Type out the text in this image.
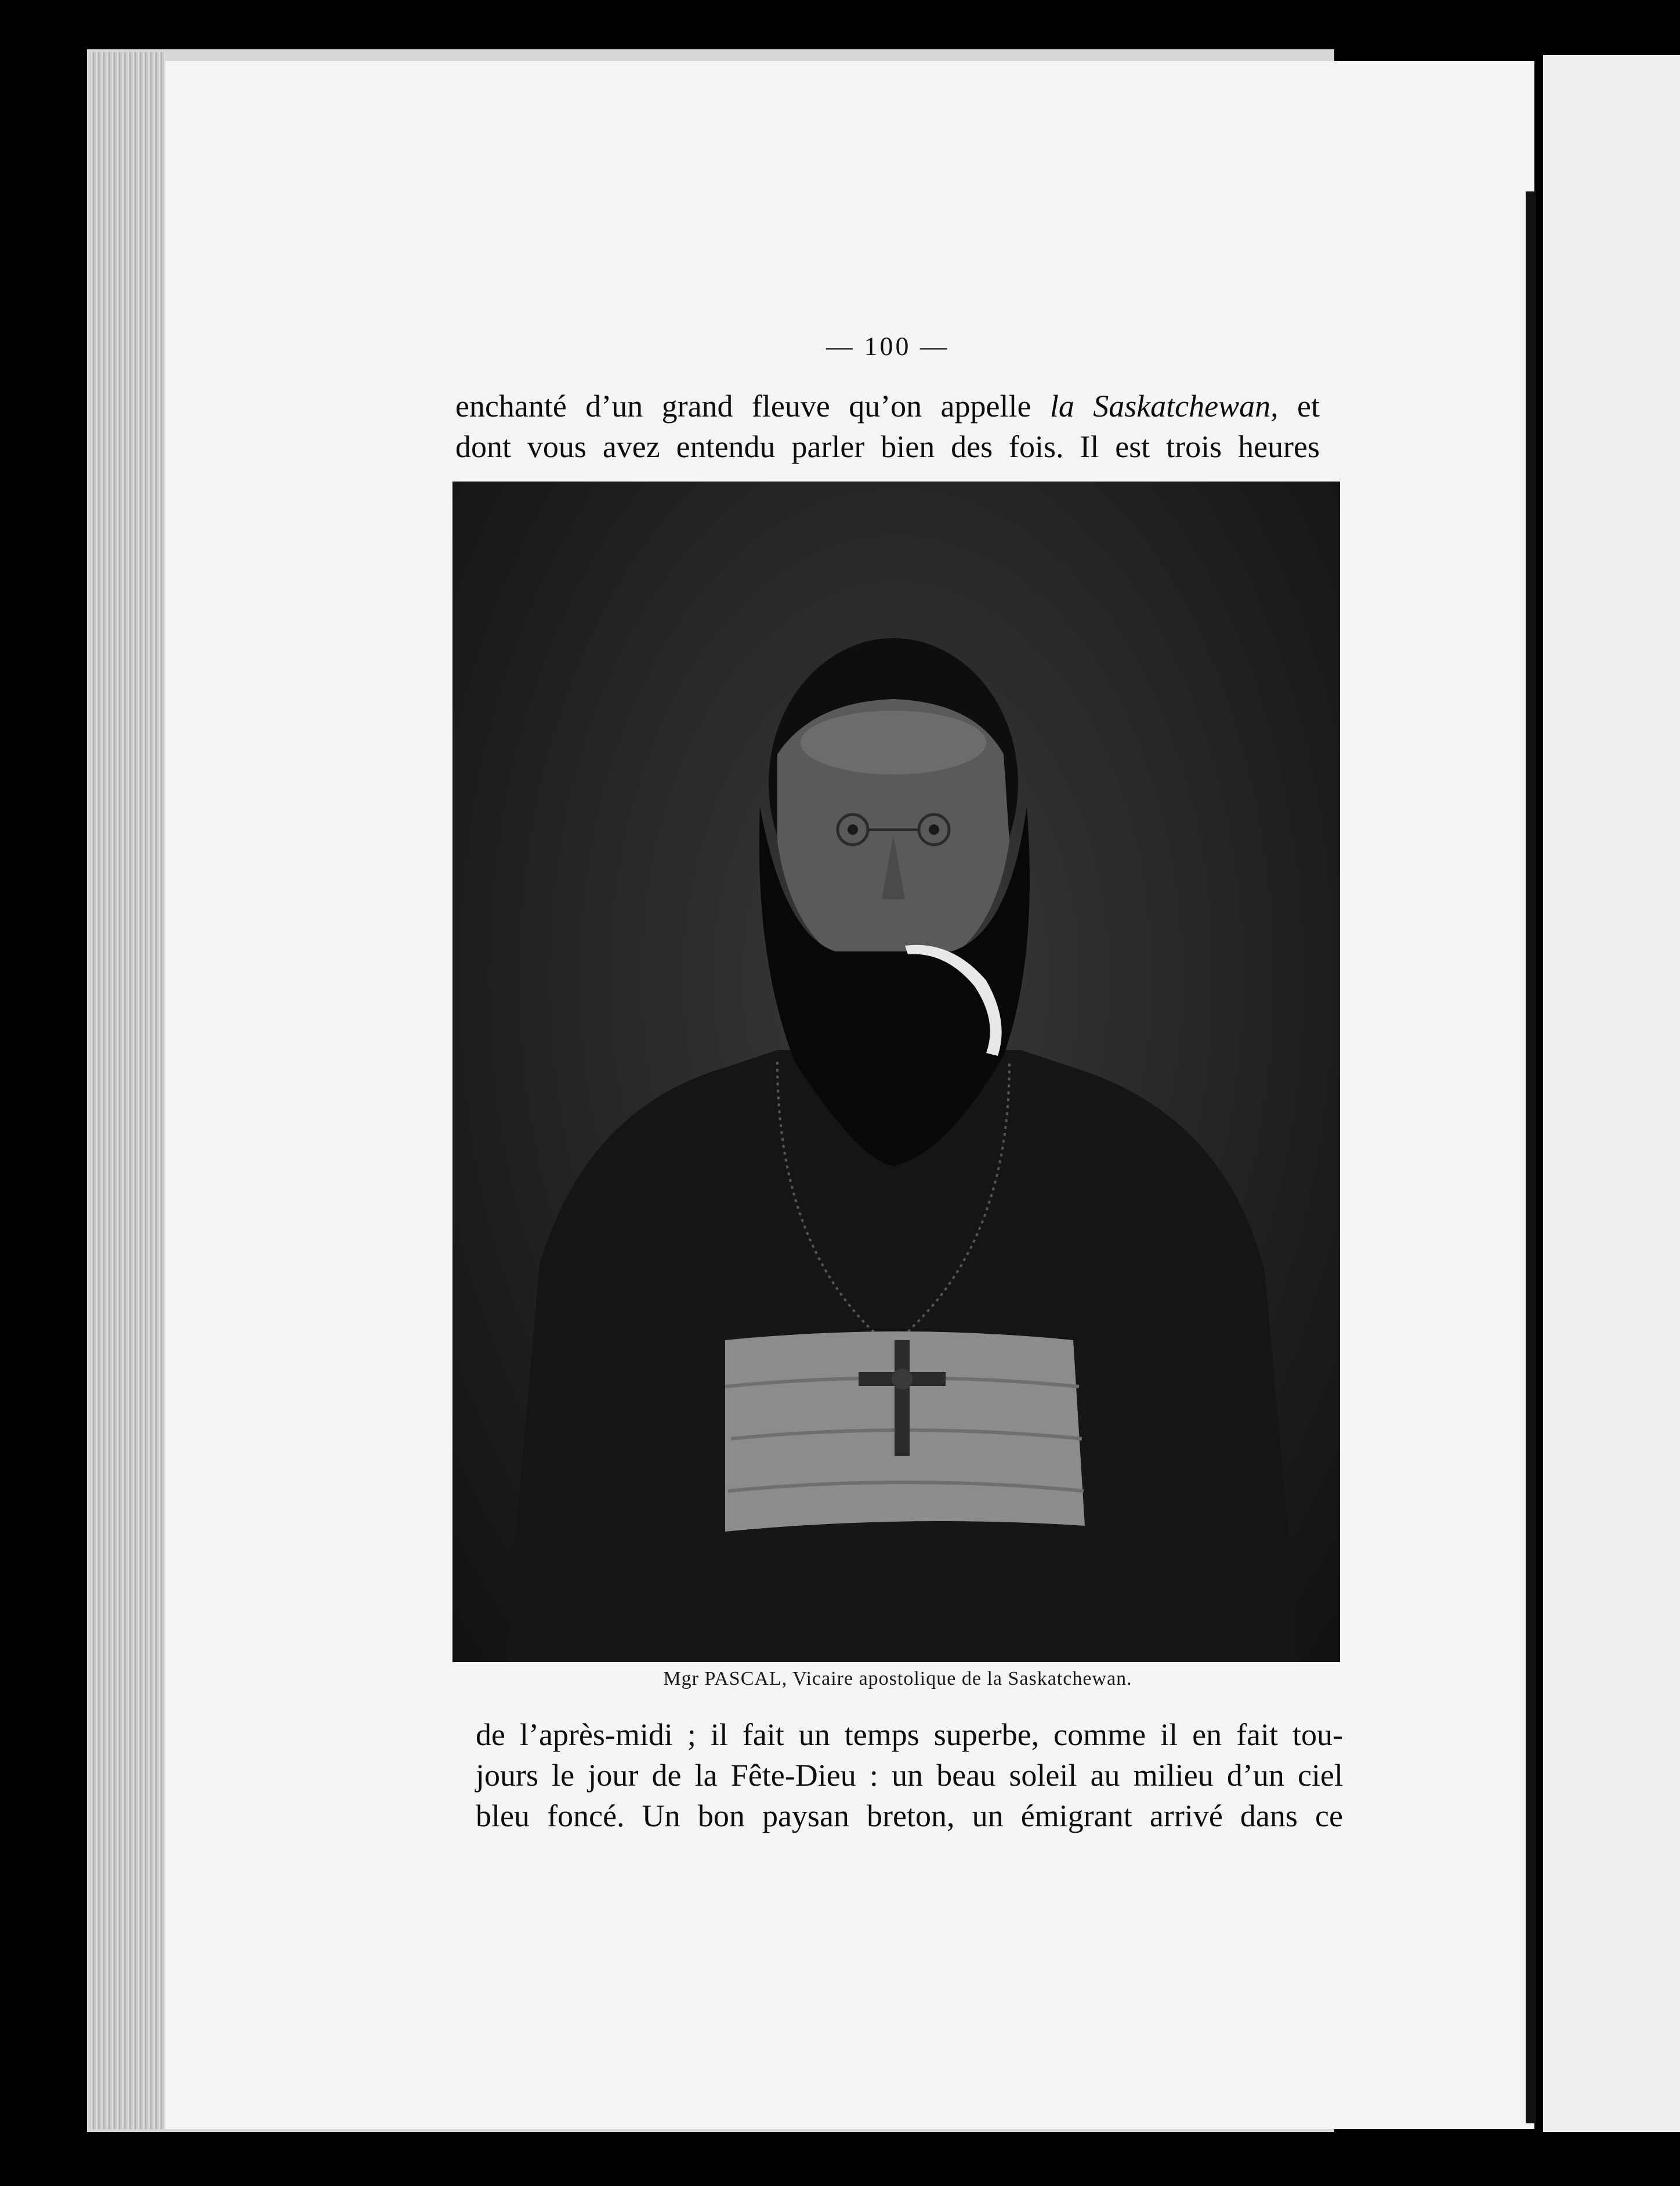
— 100 —
enchanté d’un grand fleuve qu’on appelle la Saskatchewan, et
dont vous avez entendu parler bien des fois. Il est trois heures
Mgr PASCAL, Vicaire apostolique de la Saskatchewan.
de l’après-midi ; il fait un temps superbe, comme il en fait tou-
jours le jour de la Fête-Dieu : un beau soleil au milieu d’un ciel
bleu foncé. Un bon paysan breton, un émigrant arrivé dans ce
